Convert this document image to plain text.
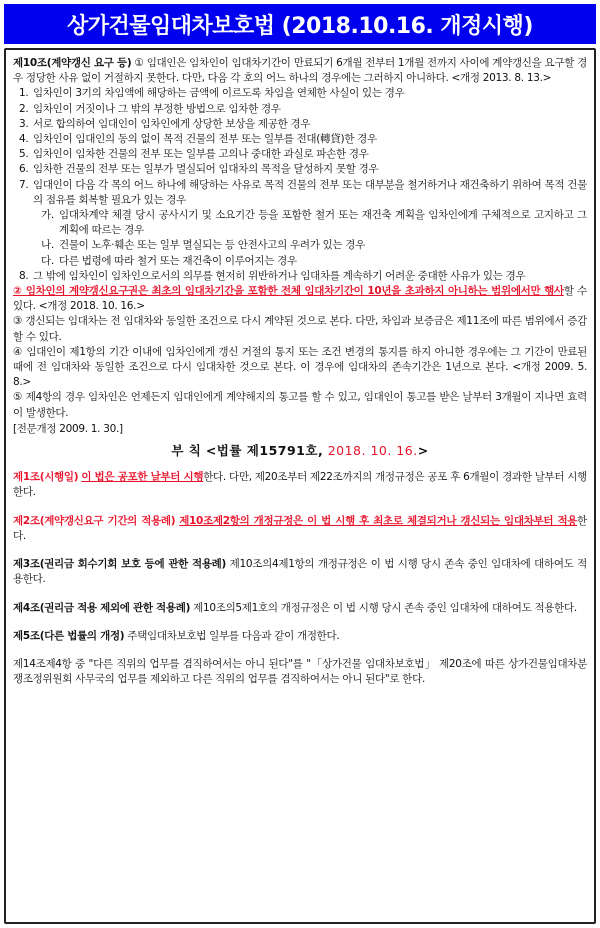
상가건물임대차보호법 (2018.10.16. 개정시행)
제10조(계약갱신 요구 등) ① 임대인은 임차인이 임대차기간이 만료되기 6개월 전부터 1개월 전까지 사이에 계약갱신을 요구할 경우 정당한 사유 없이 거절하지 못한다. 다만, 다음 각 호의 어느 하나의 경우에는 그러하지 아니하다. <개정 2013. 8. 13.>
1. 임차인이 3기의 차임액에 해당하는 금액에 이르도록 차임을 연체한 사실이 있는 경우
2. 임차인이 거짓이나 그 밖의 부정한 방법으로 임차한 경우
3. 서로 합의하여 임대인이 임차인에게 상당한 보상을 제공한 경우
4. 임차인이 임대인의 동의 없이 목적 건물의 전부 또는 일부를 전대(轉貸)한 경우
5. 임차인이 임차한 건물의 전부 또는 일부를 고의나 중대한 과실로 파손한 경우
6. 임차한 건물의 전부 또는 일부가 멸실되어 임대차의 목적을 달성하지 못할 경우
7. 임대인이 다음 각 목의 어느 하나에 해당하는 사유로 목적 건물의 전부 또는 대부분을 철거하거나 재건축하기 위하여 목적 건물의 점유를 회복할 필요가 있는 경우
가. 임대차계약 체결 당시 공사시기 및 소요기간 등을 포함한 철거 또는 재건축 계획을 임차인에게 구체적으로 고지하고 그 계획에 따르는 경우
나. 건물이 노후·훼손 또는 일부 멸실되는 등 안전사고의 우려가 있는 경우
다. 다른 법령에 따라 철거 또는 재건축이 이루어지는 경우
8. 그 밖에 임차인이 임차인으로서의 의무를 현저히 위반하거나 임대차를 계속하기 어려운 중대한 사유가 있는 경우
② 임차인의 계약갱신요구권은 최초의 임대차기간을 포함한 전체 임대차기간이 10년을 초과하지 아니하는 범위에서만 행사할 수 있다. <개정 2018. 10. 16.>
③ 갱신되는 임대차는 전 임대차와 동일한 조건으로 다시 계약된 것으로 본다. 다만, 차임과 보증금은 제11조에 따른 범위에서 증감할 수 있다.
④ 임대인이 제1항의 기간 이내에 임차인에게 갱신 거절의 통지 또는 조건 변경의 통지를 하지 아니한 경우에는 그 기간이 만료된 때에 전 임대차와 동일한 조건으로 다시 임대차한 것으로 본다. 이 경우에 임대차의 존속기간은 1년으로 본다. <개정 2009. 5. 8.>
⑤ 제4항의 경우 임차인은 언제든지 임대인에게 계약해지의 통고를 할 수 있고, 임대인이 통고를 받은 날부터 3개월이 지나면 효력이 발생한다.
[전문개정 2009. 1. 30.]
부 칙 <법률 제15791호, 2018. 10. 16.>
제1조(시행일) 이 법은 공포한 날부터 시행한다. 다만, 제20조부터 제22조까지의 개정규정은 공포 후 6개월이 경과한 날부터 시행한다.
제2조(계약갱신요구 기간의 적용례) 제10조제2항의 개정규정은 이 법 시행 후 최초로 체결되거나 갱신되는 임대차부터 적용한다.
제3조(권리금 회수기회 보호 등에 관한 적용례) 제10조의4제1항의 개정규정은 이 법 시행 당시 존속 중인 임대차에 대하여도 적용한다.
제4조(권리금 적용 제외에 관한 적용례) 제10조의5제1호의 개정규정은 이 법 시행 당시 존속 중인 임대차에 대하여도 적용한다.
제5조(다른 법률의 개정) 주택임대차보호법 일부를 다음과 같이 개정한다.
제14조제4항 중 "다른 직위의 업무를 겸직하여서는 아니 된다"를 "「상가건물 임대차보호법」 제20조에 따른 상가건물임대차분쟁조정위원회 사무국의 업무를 제외하고 다른 직위의 업무를 겸직하여서는 아니 된다"로 한다.
